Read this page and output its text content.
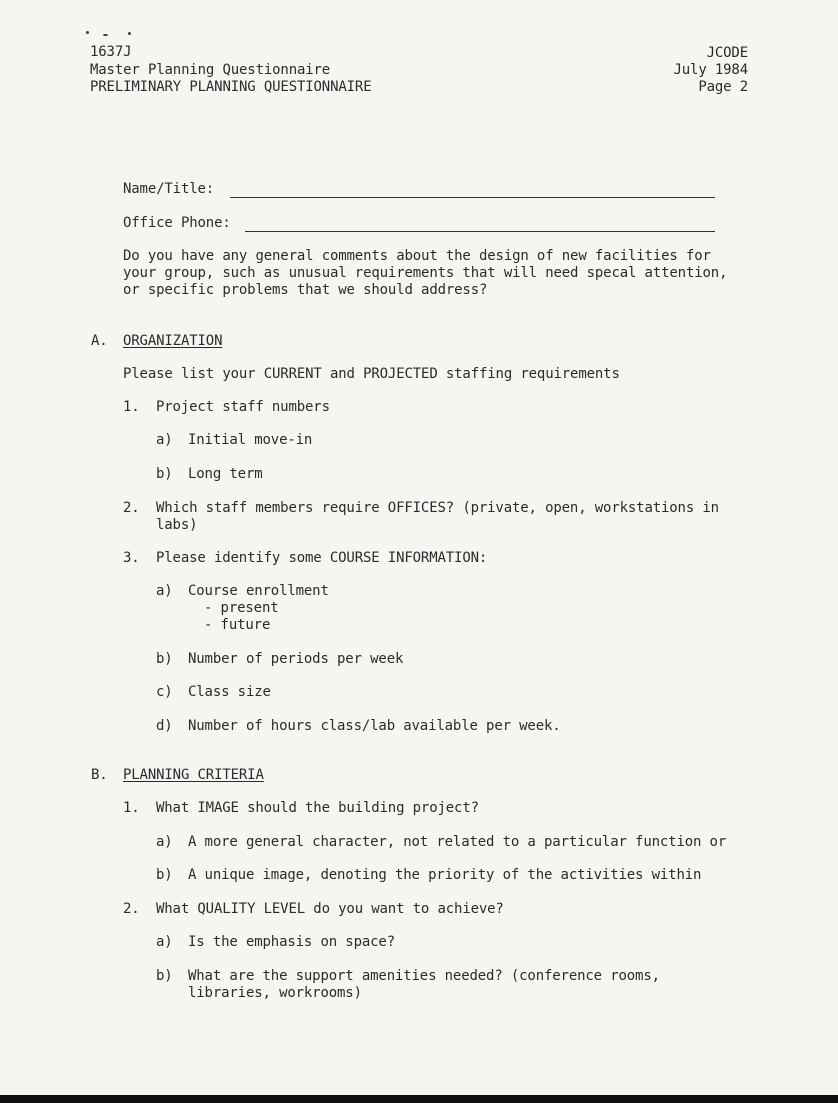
1637J
Master Planning Questionnaire
PRELIMINARY PLANNING QUESTIONNAIRE
JCODE
July 1984
Page 2
Name/Title:
Office Phone:
Do you have any general comments about the design of new facilities for
your group, such as unusual requirements that will need specal attention,
or specific problems that we should address?
A. ORGANIZATION
Please list your CURRENT and PROJECTED staffing requirements
1. Project staff numbers
a) Initial move-in
b) Long term
2. Which staff members require OFFICES? (private, open, workstations in
labs)
3. Please identify some COURSE INFORMATION:
a) Course enrollment
- present
- future
b) Number of periods per week
c) Class size
d) Number of hours class/lab available per week.
B. PLANNING CRITERIA
1. What IMAGE should the building project?
a) A more general character, not related to a particular function or
b) A unique image, denoting the priority of the activities within
2. What QUALITY LEVEL do you want to achieve?
a) Is the emphasis on space?
b) What are the support amenities needed? (conference rooms,
libraries, workrooms)
